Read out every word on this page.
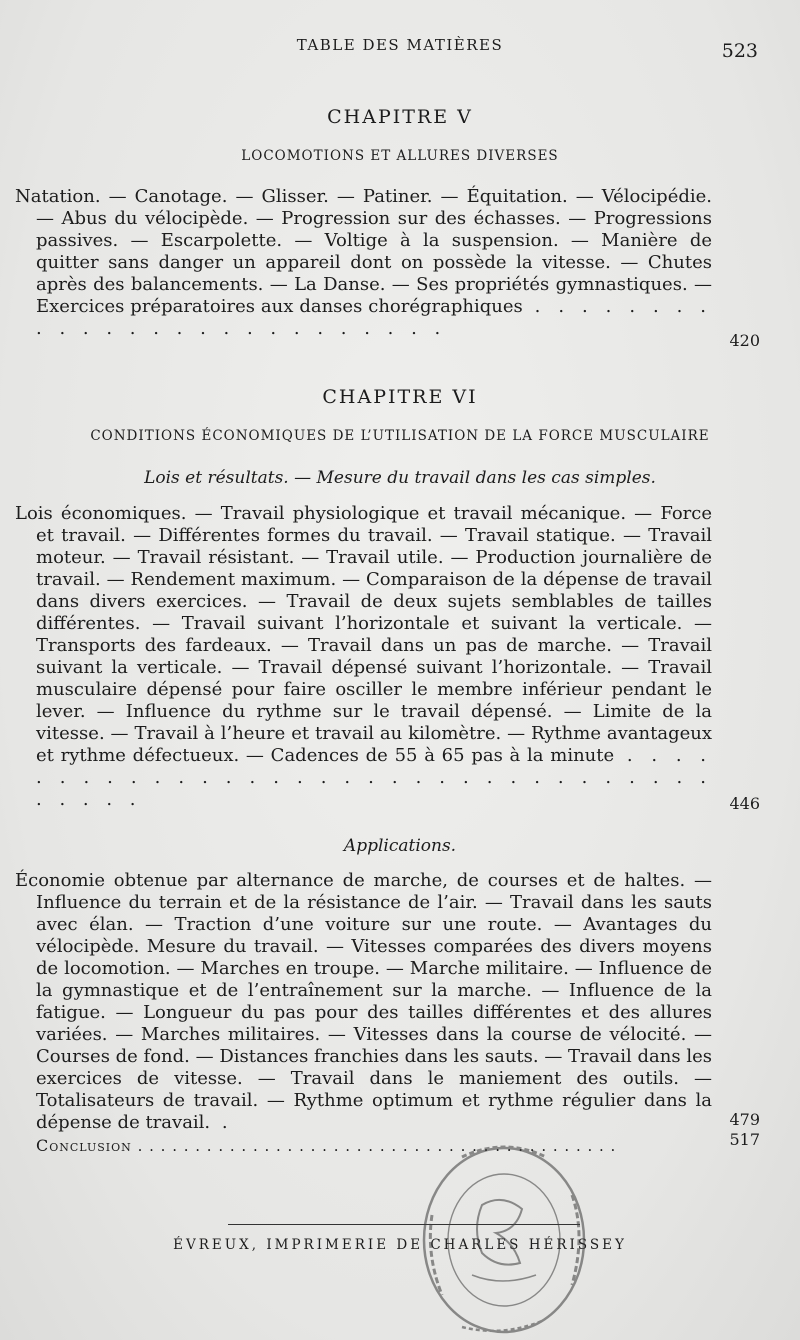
TABLE DES MATIÈRES	523
CHAPITRE V
LOCOMOTIONS ET ALLURES DIVERSES
Natation. — Canotage. — Glisser. — Patiner. — Équitation. — Vélocipédie. — Abus du vélocipède. — Progression sur des échasses. — Progressions passives. — Escarpolette. — Voltige à la suspension. — Manière de quitter sans danger un appareil dont on possède la vitesse. — Chutes après des balancements. — La Danse. — Ses propriétés gymnastiques. — Exercices préparatoires aux danses chorégraphiques . . . . . . . . . . . . . . . . . . . . . . . . . .
420
CHAPITRE VI
CONDITIONS ÉCONOMIQUES DE L’UTILISATION DE LA FORCE MUSCULAIRE
Lois et résultats. — Mesure du travail dans les cas simples.
Lois économiques. — Travail physiologique et travail mécanique. — Force et travail. — Différentes formes du travail. — Travail statique. — Travail moteur. — Travail résistant. — Travail utile. — Production journalière de travail. — Rendement maximum. — Comparaison de la dépense de travail dans divers exercices. — Travail de deux sujets semblables de tailles différentes. — Travail suivant l’horizontale et suivant la verticale. — Transports des fardeaux. — Travail dans un pas de marche. — Travail suivant la verticale. — Travail dépensé suivant l’horizontale. — Travail musculaire dépensé pour faire osciller le membre inférieur pendant le lever. — Influence du rythme sur le travail dépensé. — Limite de la vitesse. — Travail à l’heure et travail au kilomètre. — Rythme avantageux et rythme défectueux. — Cadences de 55 à 65 pas à la minute . . . . . . . . . . . . . . . . . . . . . . . . . . . . . . . . . . . . . .	446
Applications.
Économie obtenue par alternance de marche, de courses et de haltes. — Influence du terrain et de la résistance de l’air. — Travail dans les sauts avec élan. — Traction d’une voiture sur une route. — Avantages du vélocipède. Mesure du travail. — Vitesses comparées des divers moyens de locomotion. — Marches en troupe. — Marche militaire. — Influence de la gymnastique et de l’entraînement sur la marche. — Influence de la fatigue. — Longueur du pas pour des tailles différentes et des allures variées. — Marches militaires. — Vitesses dans la course de vélocité. — Courses de fond. — Distances franchies dans les sauts. — Travail dans les exercices de vitesse. — Travail dans le maniement des outils. — Totalisateurs de travail. — Rythme optimum et rythme régulier dans la dépense de travail. .	479
Conclusion . . . . . . . . . . . . . . . . . . . . . . . . . . . . . . . . . . . . . . . . . .	517
ÉVREUX, IMPRIMERIE DE CHARLES HÉRISSEY
